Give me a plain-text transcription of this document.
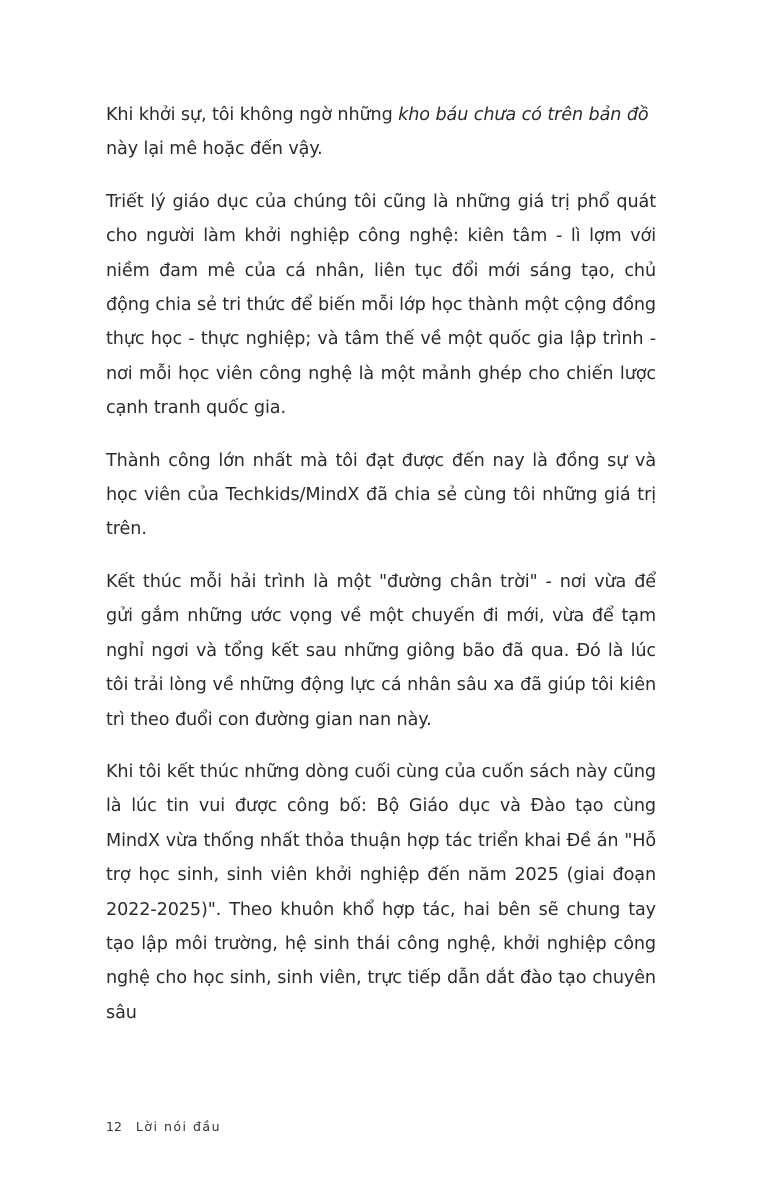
Khi khởi sự, tôi không ngờ những kho báu chưa có trên bản đồ này lại mê hoặc đến vậy.

Triết lý giáo dục của chúng tôi cũng là những giá trị phổ quát cho người làm khởi nghiệp công nghệ: kiên tâm - lì lợm với niềm đam mê của cá nhân, liên tục đổi mới sáng tạo, chủ động chia sẻ tri thức để biến mỗi lớp học thành một cộng đồng thực học - thực nghiệp; và tâm thế về một quốc gia lập trình - nơi mỗi học viên công nghệ là một mảnh ghép cho chiến lược cạnh tranh quốc gia.

Thành công lớn nhất mà tôi đạt được đến nay là đồng sự và học viên của Techkids/MindX đã chia sẻ cùng tôi những giá trị trên.

Kết thúc mỗi hải trình là một "đường chân trời" - nơi vừa để gửi gắm những ước vọng về một chuyến đi mới, vừa để tạm nghỉ ngơi và tổng kết sau những giông bão đã qua. Đó là lúc tôi trải lòng về những động lực cá nhân sâu xa đã giúp tôi kiên trì theo đuổi con đường gian nan này.

Khi tôi kết thúc những dòng cuối cùng của cuốn sách này cũng là lúc tin vui được công bố: Bộ Giáo dục và Đào tạo cùng MindX vừa thống nhất thỏa thuận hợp tác triển khai Đề án "Hỗ trợ học sinh, sinh viên khởi nghiệp đến năm 2025 (giai đoạn 2022-2025)". Theo khuôn khổ hợp tác, hai bên sẽ chung tay tạo lập môi trường, hệ sinh thái công nghệ, khởi nghiệp công nghệ cho học sinh, sinh viên, trực tiếp dẫn dắt đào tạo chuyên sâu

12 Lời nói đầu
